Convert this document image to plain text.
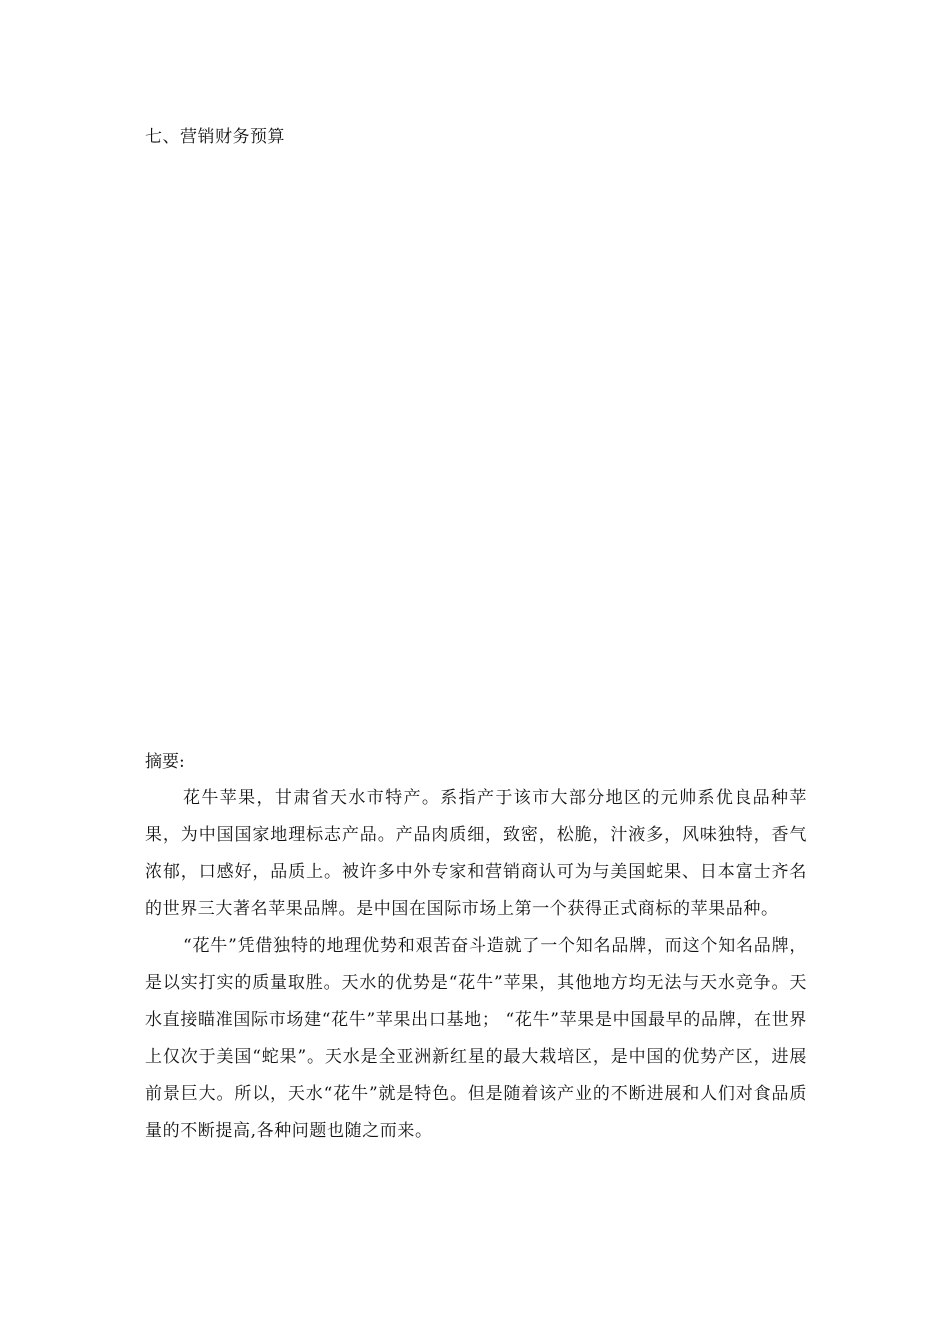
七、营销财务预算
摘要:

花牛苹果，甘肃省天水市特产。系指产于该市大部分地区的元帅系优良品种苹果，为中国国家地理标志产品。产品肉质细，致密，松脆，汁液多，风味独特，香气浓郁，口感好，品质上。被许多中外专家和营销商认可为与美国蛇果、日本富士齐名的世界三大著名苹果品牌。是中国在国际市场上第一个获得正式商标的苹果品种。

“花牛”凭借独特的地理优势和艰苦奋斗造就了一个知名品牌，而这个知名品牌，是以实打实的质量取胜。天水的优势是“花牛”苹果，其他地方均无法与天水竞争。天水直接瞄准国际市场建“花牛”苹果出口基地； “花牛”苹果是中国最早的品牌，在世界上仅次于美国“蛇果”。天水是全亚洲新红星的最大栽培区，是中国的优势产区，进展前景巨大。所以，天水“花牛”就是特色。但是随着该产业的不断进展和人们对食品质量的不断提高,各种问题也随之而来。
